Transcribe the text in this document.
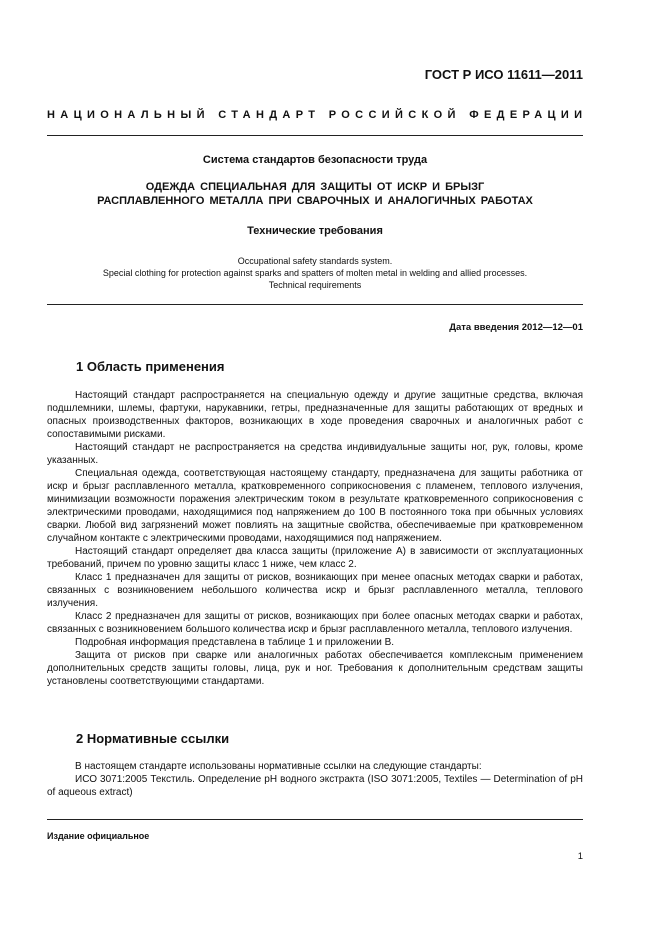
ГОСТ Р ИСО 11611—2011
НАЦИОНАЛЬНЫЙ СТАНДАРТ РОССИЙСКОЙ ФЕДЕРАЦИИ
Система стандартов безопасности труда
ОДЕЖДА СПЕЦИАЛЬНАЯ ДЛЯ ЗАЩИТЫ ОТ ИСКР И БРЫЗГ
РАСПЛАВЛЕННОГО МЕТАЛЛА ПРИ СВАРОЧНЫХ И АНАЛОГИЧНЫХ РАБОТАХ
Технические требования
Occupational safety standards system.
Special clothing for protection against sparks and spatters of molten metal in welding and allied processes.
Technical requirements
Дата введения 2012—12—01
1 Область применения

Настоящий стандарт распространяется на специальную одежду и другие защитные средства, включая подшлемники, шлемы, фартуки, нарукавники, гетры, предназначенные для защиты работающих от вредных и опасных производственных факторов, возникающих в ходе проведения сварочных и аналогичных работ с сопоставимыми рисками.

Настоящий стандарт не распространяется на средства индивидуальные защиты ног, рук, головы, кроме указанных.

Специальная одежда, соответствующая настоящему стандарту, предназначена для защиты работника от искр и брызг расплавленного металла, кратковременного соприкосновения с пламенем, теплового излучения, минимизации возможности поражения электрическим током в результате кратковременного соприкосновения с электрическими проводами, находящимися под напряжением до 100 В постоянного тока при обычных условиях сварки. Любой вид загрязнений может повлиять на защитные свойства, обеспечиваемые при кратковременном случайном контакте с электрическими проводами, находящимися под напряжением.

Настоящий стандарт определяет два класса защиты (приложение А) в зависимости от эксплуатационных требований, причем по уровню защиты класс 1 ниже, чем класс 2.

Класс 1 предназначен для защиты от рисков, возникающих при менее опасных методах сварки и работах, связанных с возникновением небольшого количества искр и брызг расплавленного металла, теплового излучения.

Класс 2 предназначен для защиты от рисков, возникающих при более опасных методах сварки и работах, связанных с возникновением большого количества искр и брызг расплавленного металла, теплового излучения.

Подробная информация представлена в таблице 1 и приложении В.

Защита от рисков при сварке или аналогичных работах обеспечивается комплексным применением дополнительных средств защиты головы, лица, рук и ног. Требования к дополнительным средствам защиты установлены соответствующими стандартами.

2 Нормативные ссылки

В настоящем стандарте использованы нормативные ссылки на следующие стандарты:

ИСО 3071:2005 Текстиль. Определение pH водного экстракта (ISO 3071:2005, Textiles — Determination of pH of aqueous extract)

Издание официальное
1
